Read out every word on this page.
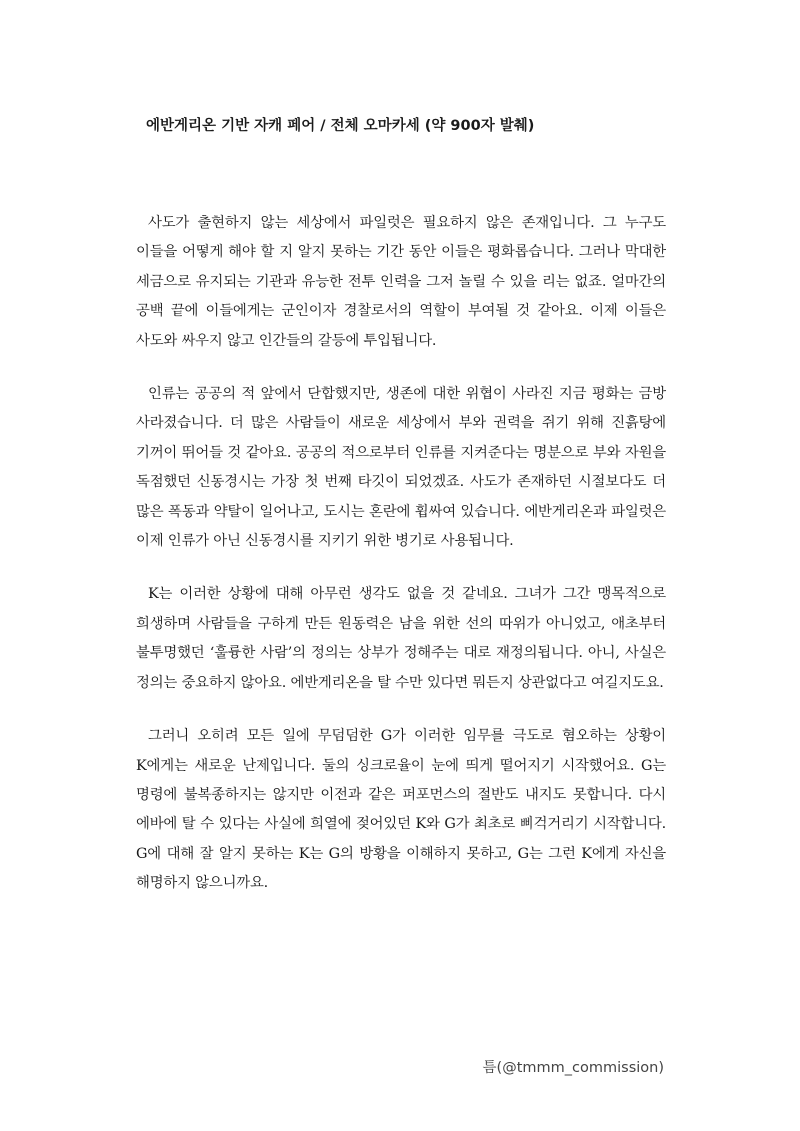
에반게리온 기반 자캐 페어 / 전체 오마카세 (약 900자 발췌)

사도가 출현하지 않는 세상에서 파일럿은 필요하지 않은 존재입니다. 그 누구도 이들을 어떻게 해야 할 지 알지 못하는 기간 동안 이들은 평화롭습니다. 그러나 막대한 세금으로 유지되는 기관과 유능한 전투 인력을 그저 놀릴 수 있을 리는 없죠. 얼마간의 공백 끝에 이들에게는 군인이자 경찰로서의 역할이 부여될 것 같아요. 이제 이들은 사도와 싸우지 않고 인간들의 갈등에 투입됩니다.

인류는 공공의 적 앞에서 단합했지만, 생존에 대한 위협이 사라진 지금 평화는 금방 사라졌습니다. 더 많은 사람들이 새로운 세상에서 부와 권력을 쥐기 위해 진흙탕에 기꺼이 뛰어들 것 같아요. 공공의 적으로부터 인류를 지켜준다는 명분으로 부와 자원을 독점했던 신동경시는 가장 첫 번째 타깃이 되었겠죠. 사도가 존재하던 시절보다도 더 많은 폭동과 약탈이 일어나고, 도시는 혼란에 휩싸여 있습니다. 에반게리온과 파일럿은 이제 인류가 아닌 신동경시를 지키기 위한 병기로 사용됩니다.

K는 이러한 상황에 대해 아무런 생각도 없을 것 같네요. 그녀가 그간 맹목적으로 희생하며 사람들을 구하게 만든 원동력은 남을 위한 선의 따위가 아니었고, 애초부터 불투명했던 ‘훌륭한 사람’의 정의는 상부가 정해주는 대로 재정의됩니다. 아니, 사실은 정의는 중요하지 않아요. 에반게리온을 탈 수만 있다면 뭐든지 상관없다고 여길지도요.

그러니 오히려 모든 일에 무덤덤한 G가 이러한 임무를 극도로 혐오하는 상황이 K에게는 새로운 난제입니다. 둘의 싱크로율이 눈에 띄게 떨어지기 시작했어요. G는 명령에 불복종하지는 않지만 이전과 같은 퍼포먼스의 절반도 내지도 못합니다. 다시 에바에 탈 수 있다는 사실에 희열에 젖어있던 K와 G가 최초로 삐걱거리기 시작합니다. G에 대해 잘 알지 못하는 K는 G의 방황을 이해하지 못하고, G는 그런 K에게 자신을 해명하지 않으니까요.

틈(@tmmm_commission)
